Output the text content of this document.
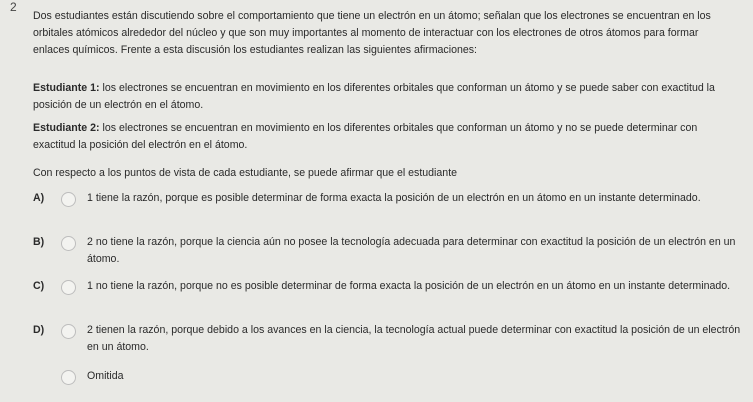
2
Dos estudiantes están discutiendo sobre el comportamiento que tiene un electrón en un átomo; señalan que los electrones se encuentran en los orbitales atómicos alrededor del núcleo y que son muy importantes al momento de interactuar con los electrones de otros átomos para formar enlaces químicos. Frente a esta discusión los estudiantes realizan las siguientes afirmaciones:
Estudiante 1: los electrones se encuentran en movimiento en los diferentes orbitales que conforman un átomo y se puede saber con exactitud la posición de un electrón en el átomo.
Estudiante 2: los electrones se encuentran en movimiento en los diferentes orbitales que conforman un átomo y no se puede determinar con exactitud la posición del electrón en el átomo.
Con respecto a los puntos de vista de cada estudiante, se puede afirmar que el estudiante
A)	1 tiene la razón, porque es posible determinar de forma exacta la posición de un electrón en un átomo en un instante determinado.
B)	2 no tiene la razón, porque la ciencia aún no posee la tecnología adecuada para determinar con exactitud la posición de un electrón en un átomo.
C)	1 no tiene la razón, porque no es posible determinar de forma exacta la posición de un electrón en un átomo en un instante determinado.
D)	2 tienen la razón, porque debido a los avances en la ciencia, la tecnología actual puede determinar con exactitud la posición de un electrón en un átomo.
Omitida
